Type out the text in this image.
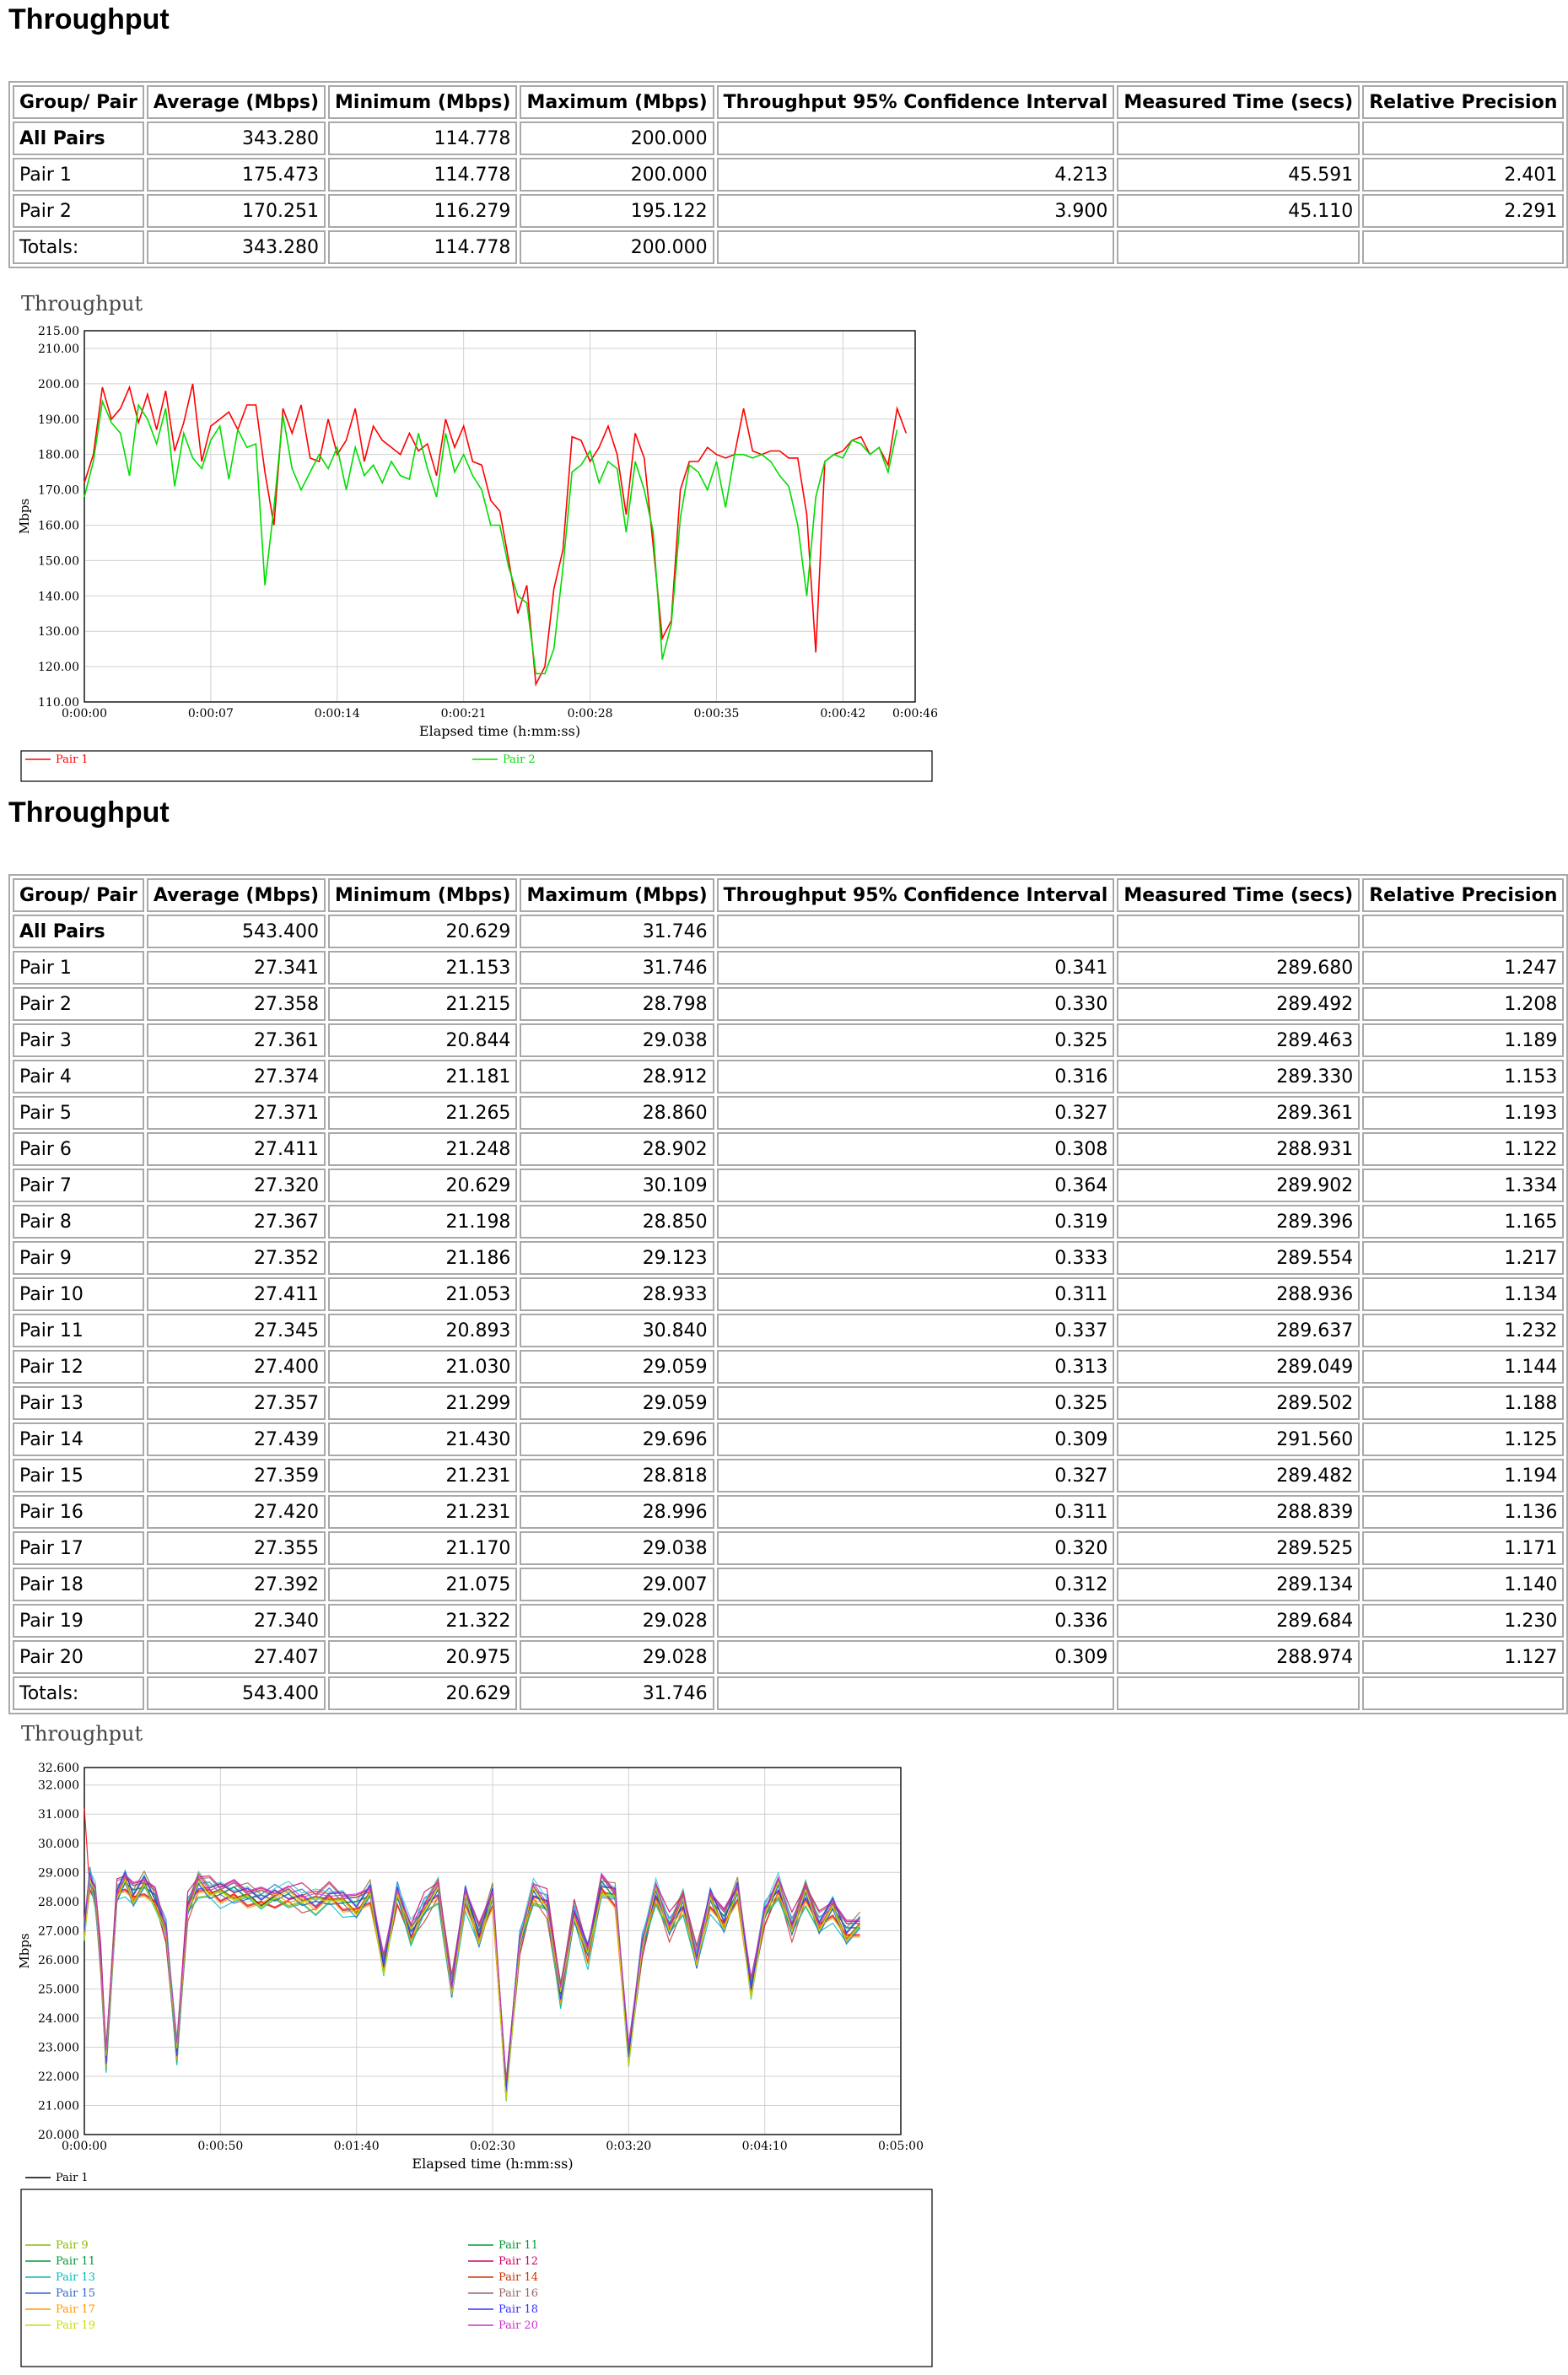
Throughput
Group/ Pair	Average (Mbps)	Minimum (Mbps)	Maximum (Mbps)	Throughput 95% Confidence Interval	Measured Time (secs)	Relative Precision
All Pairs	343.280	114.778	200.000			
Pair 1	175.473	114.778	200.000	4.213	45.591	2.401
Pair 2	170.251	116.279	195.122	3.900	45.110	2.291
Totals:	343.280	114.778	200.000			
Throughput
110.00
120.00
130.00
140.00
150.00
160.00
170.00
180.00
190.00
200.00
210.00
215.00
0:00:00	0:00:07	0:00:14	0:00:21	0:00:28	0:00:35	0:00:42 0:00:46
Elapsed time (h:mm:ss)
Mbps
Pair 1	Pair 2
Throughput
Group/ Pair	Average (Mbps)	Minimum (Mbps)	Maximum (Mbps)	Throughput 95% Confidence Interval	Measured Time (secs)	Relative Precision
All Pairs	543.400	20.629	31.746			
Pair 1	27.341	21.153	31.746	0.341	289.680	1.247
Pair 2	27.358	21.215	28.798	0.330	289.492	1.208
Pair 3	27.361	20.844	29.038	0.325	289.463	1.189
Pair 4	27.374	21.181	28.912	0.316	289.330	1.153
Pair 5	27.371	21.265	28.860	0.327	289.361	1.193
Pair 6	27.411	21.248	28.902	0.308	288.931	1.122
Pair 7	27.320	20.629	30.109	0.364	289.902	1.334
Pair 8	27.367	21.198	28.850	0.319	289.396	1.165
Pair 9	27.352	21.186	29.123	0.333	289.554	1.217
Pair 10	27.411	21.053	28.933	0.311	288.936	1.134
Pair 11	27.345	20.893	30.840	0.337	289.637	1.232
Pair 12	27.400	21.030	29.059	0.313	289.049	1.144
Pair 13	27.357	21.299	29.059	0.325	289.502	1.188
Pair 14	27.439	21.430	29.696	0.309	291.560	1.125
Pair 15	27.359	21.231	28.818	0.327	289.482	1.194
Pair 16	27.420	21.231	28.996	0.311	288.839	1.136
Pair 17	27.355	21.170	29.038	0.320	289.525	1.171
Pair 18	27.392	21.075	29.007	0.312	289.134	1.140
Pair 19	27.340	21.322	29.028	0.336	289.684	1.230
Pair 20	27.407	20.975	29.028	0.309	288.974	1.127
Totals:	543.400	20.629	31.746			
Throughput
20.000
21.000
22.000
23.000
24.000
25.000
26.000
27.000
28.000
29.000
30.000
31.000
32.000
32.600
0:00:00	0:00:50	0:01:40	0:02:30	0:03:20	0:04:10	0:05:00
Elapsed time (h:mm:ss)
Mbps
Pair 1
Pair 9
Pair 11
Pair 13
Pair 15
Pair 17
Pair 19
Pair 11
Pair 12
Pair 14
Pair 16
Pair 18
Pair 20
